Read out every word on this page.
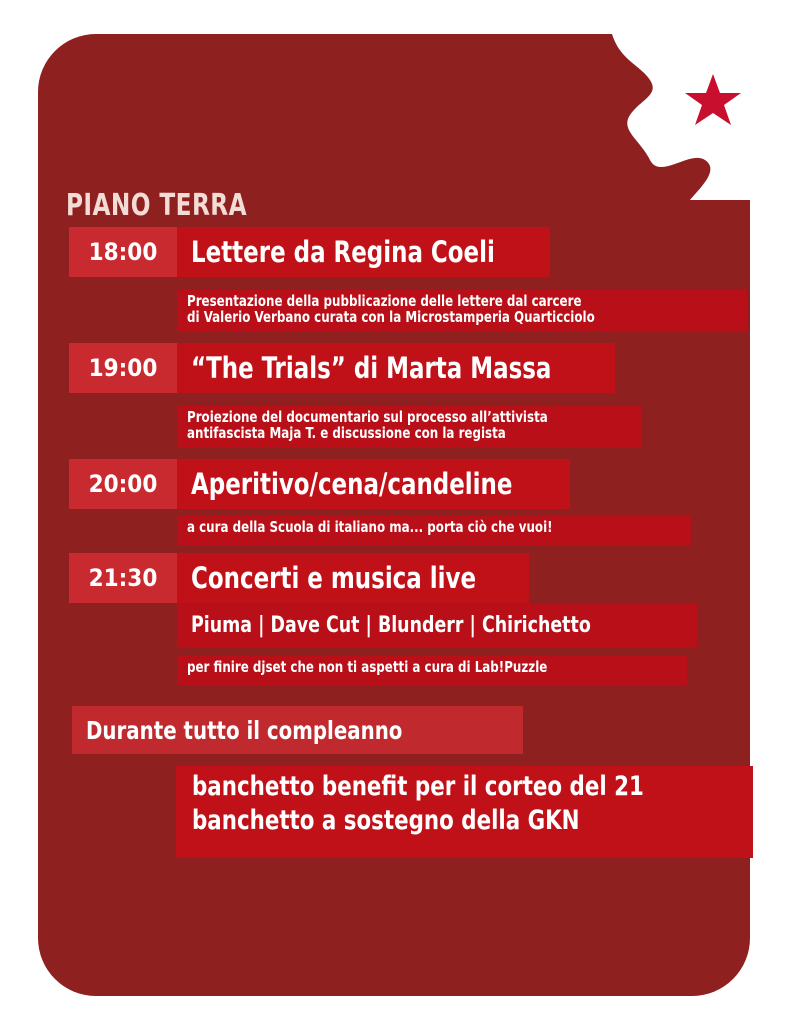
PIANO TERRA
18:00 Lettere da Regina Coeli
Presentazione della pubblicazione delle lettere dal carcere
di Valerio Verbano curata con la Microstamperia Quarticciolo
19:00 “The Trials” di Marta Massa
Proiezione del documentario sul processo all’attivista
antifascista Maja T. e discussione con la regista
20:00 Aperitivo/cena/candeline
a cura della Scuola di italiano ma... porta ciò che vuoi!
21:30 Concerti e musica live
Piuma | Dave Cut | Blunderr | Chirichetto
per finire djset che non ti aspetti a cura di Lab!Puzzle
Durante tutto il compleanno
banchetto benefit per il corteo del 21
banchetto a sostegno della GKN
